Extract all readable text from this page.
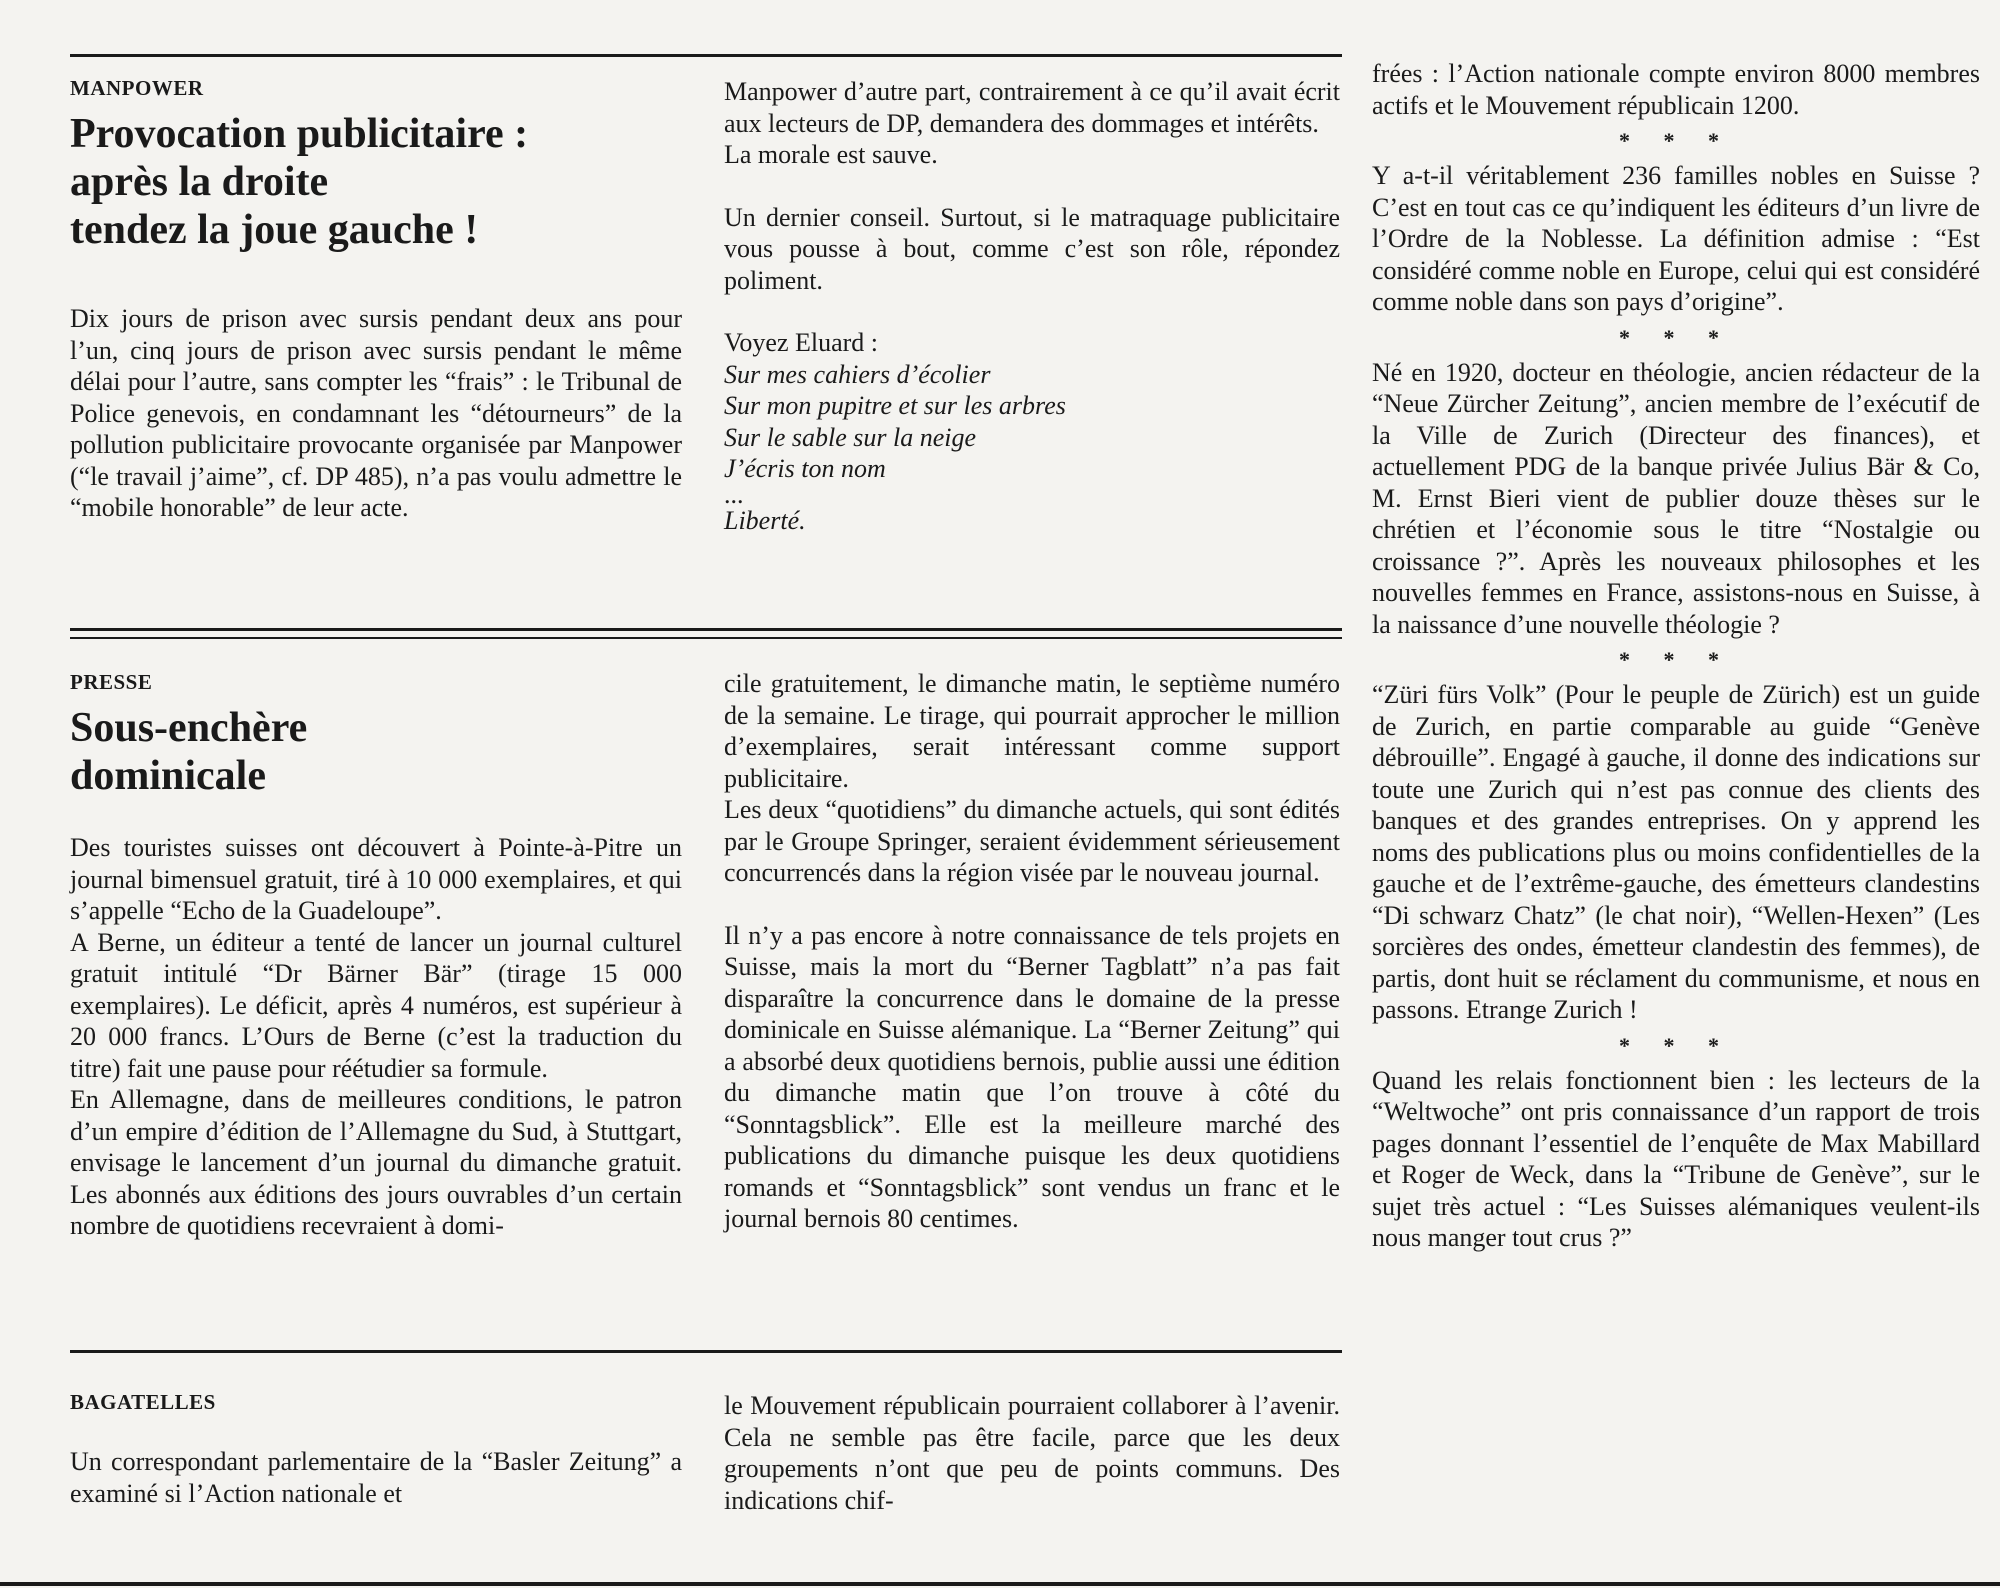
MANPOWER
Provocation publicitaire :
après la droite
tendez la joue gauche !

Dix jours de prison avec sursis pendant deux ans pour l’un, cinq jours de prison avec sursis pendant le même délai pour l’autre, sans compter les “frais” : le Tribunal de Police genevois, en condamnant les “détourneurs” de la pollution publicitaire provocante organisée par Manpower (“le travail j’aime”, cf. DP 485), n’a pas voulu admettre le “mobile honorable” de leur acte.

Manpower d’autre part, contrairement à ce qu’il avait écrit aux lecteurs de DP, demandera des dommages et intérêts.

La morale est sauve.

Un dernier conseil. Surtout, si le matraquage publicitaire vous pousse à bout, comme c’est son rôle, répondez poliment.

Voyez Eluard :

Sur mes cahiers d’écolier

Sur mon pupitre et sur les arbres

Sur le sable sur la neige

J’écris ton nom

...

Liberté.

PRESSE
Sous-enchère
dominicale

Des touristes suisses ont découvert à Pointe-à-Pitre un journal bimensuel gratuit, tiré à 10 000 exemplaires, et qui s’appelle “Echo de la Guadeloupe”.

A Berne, un éditeur a tenté de lancer un journal culturel gratuit intitulé “Dr Bärner Bär” (tirage 15 000 exemplaires). Le déficit, après 4 numéros, est supérieur à 20 000 francs. L’Ours de Berne (c’est la traduction du titre) fait une pause pour réétudier sa formule.

En Allemagne, dans de meilleures conditions, le patron d’un empire d’édition de l’Allemagne du Sud, à Stuttgart, envisage le lancement d’un journal du dimanche gratuit. Les abonnés aux éditions des jours ouvrables d’un certain nombre de quotidiens recevraient à domi-

cile gratuitement, le dimanche matin, le septième numéro de la semaine. Le tirage, qui pourrait approcher le million d’exemplaires, serait intéressant comme support publicitaire.

Les deux “quotidiens” du dimanche actuels, qui sont édités par le Groupe Springer, seraient évidemment sérieusement concurrencés dans la région visée par le nouveau journal.

Il n’y a pas encore à notre connaissance de tels projets en Suisse, mais la mort du “Berner Tagblatt” n’a pas fait disparaître la concurrence dans le domaine de la presse dominicale en Suisse alémanique. La “Berner Zeitung” qui a absorbé deux quotidiens bernois, publie aussi une édition du dimanche matin que l’on trouve à côté du “Sonntagsblick”. Elle est la meilleure marché des publications du dimanche puisque les deux quotidiens romands et “Sonntagsblick” sont vendus un franc et le journal bernois 80 centimes.

BAGATELLES

Un correspondant parlementaire de la “Basler Zeitung” a examiné si l’Action nationale et

le Mouvement républicain pourraient collaborer à l’avenir. Cela ne semble pas être facile, parce que les deux groupements n’ont que peu de points communs. Des indications chif-

frées : l’Action nationale compte environ 8000 membres actifs et le Mouvement républicain 1200.

* * *

Y a-t-il véritablement 236 familles nobles en Suisse ? C’est en tout cas ce qu’indiquent les éditeurs d’un livre de l’Ordre de la Noblesse. La définition admise : “Est considéré comme noble en Europe, celui qui est considéré comme noble dans son pays d’origine”.

* * *

Né en 1920, docteur en théologie, ancien rédacteur de la “Neue Zürcher Zeitung”, ancien membre de l’exécutif de la Ville de Zurich (Directeur des finances), et actuellement PDG de la banque privée Julius Bär & Co, M. Ernst Bieri vient de publier douze thèses sur le chrétien et l’économie sous le titre “Nostalgie ou croissance ?”. Après les nouveaux philosophes et les nouvelles femmes en France, assistons-nous en Suisse, à la naissance d’une nouvelle théologie ?

* * *

“Züri fürs Volk” (Pour le peuple de Zürich) est un guide de Zurich, en partie comparable au guide “Genève débrouille”. Engagé à gauche, il donne des indications sur toute une Zurich qui n’est pas connue des clients des banques et des grandes entreprises. On y apprend les noms des publications plus ou moins confidentielles de la gauche et de l’extrême-gauche, des émetteurs clandestins “Di schwarz Chatz” (le chat noir), “Wellen-Hexen” (Les sorcières des ondes, émetteur clandestin des femmes), de partis, dont huit se réclament du communisme, et nous en passons. Etrange Zurich !

* * *

Quand les relais fonctionnent bien : les lecteurs de la “Weltwoche” ont pris connaissance d’un rapport de trois pages donnant l’essentiel de l’enquête de Max Mabillard et Roger de Weck, dans la “Tribune de Genève”, sur le sujet très actuel : “Les Suisses alémaniques veulent-ils nous manger tout crus ?”
